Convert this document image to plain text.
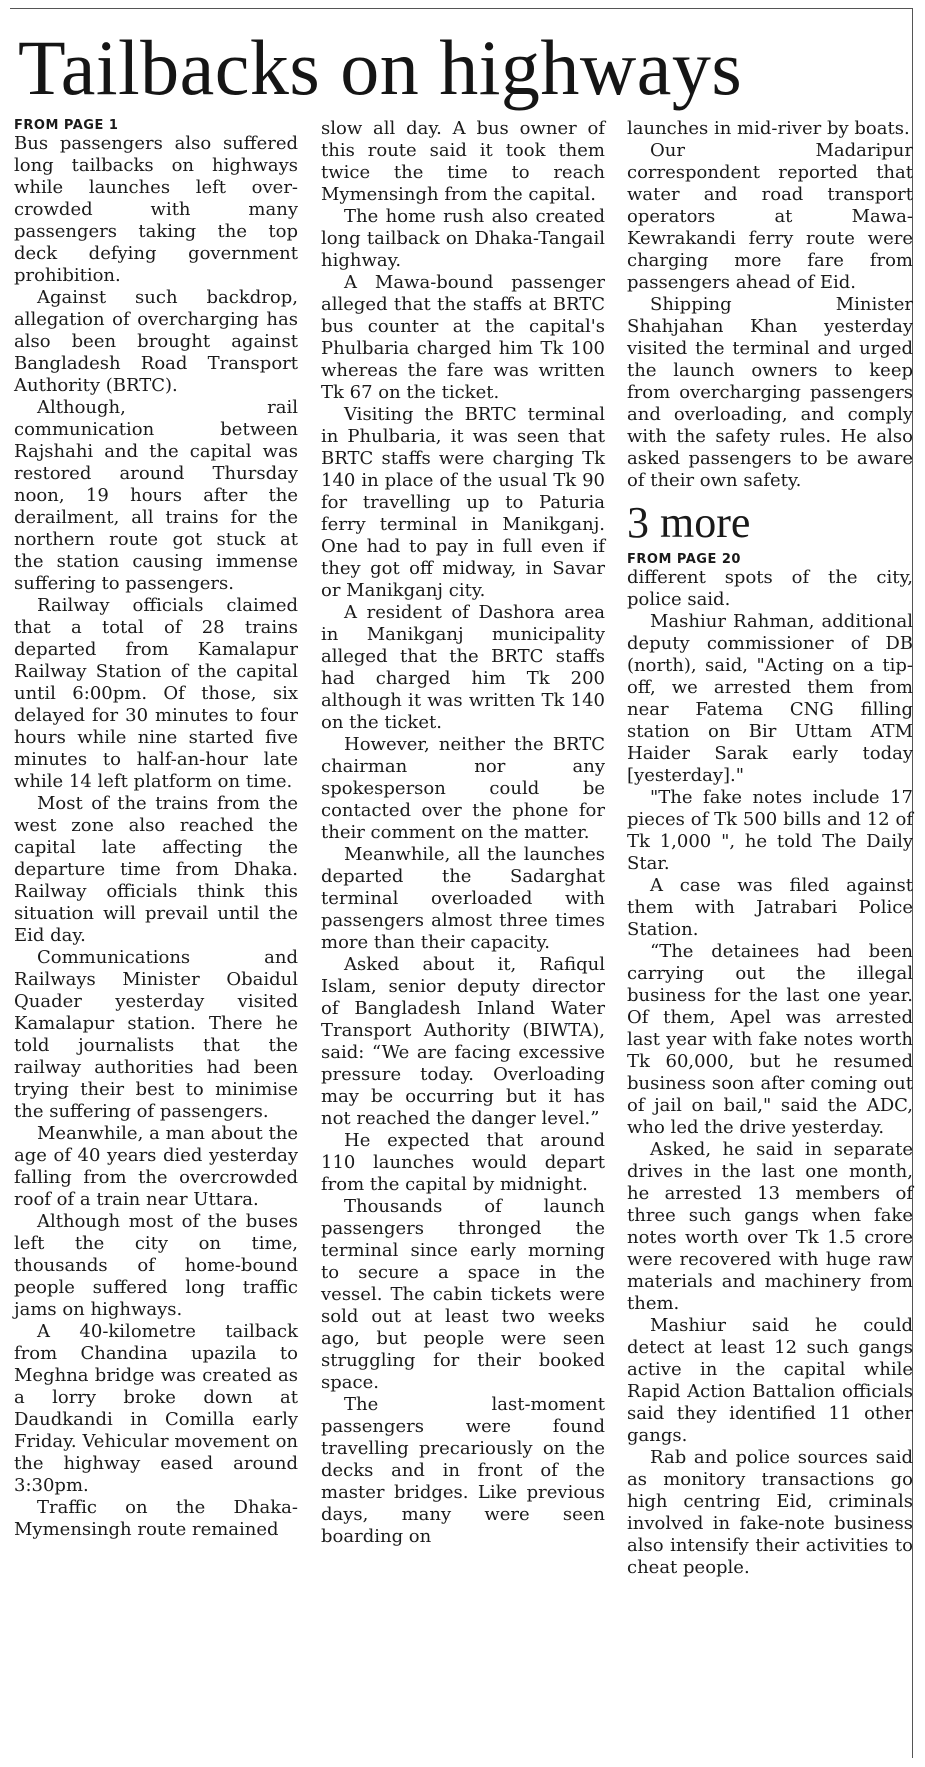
Tailbacks on highways
FROM PAGE 1

Bus passengers also suffered long tailbacks on highways while launches left over-crowded with many passengers taking the top deck defying government prohibition.

Against such backdrop, allegation of overcharging has also been brought against Bangladesh Road Transport Authority (BRTC).

Although, rail communication between Rajshahi and the capital was restored around Thursday noon, 19 hours after the derailment, all trains for the northern route got stuck at the station causing immense suffering to passengers.

Railway officials claimed that a total of 28 trains departed from Kamalapur Railway Station of the capital until 6:00pm. Of those, six delayed for 30 minutes to four hours while nine started five minutes to half-an-hour late while 14 left platform on time.

Most of the trains from the west zone also reached the capital late affecting the departure time from Dhaka. Railway officials think this situation will prevail until the Eid day.

Communications and Railways Minister Obaidul Quader yesterday visited Kamalapur station. There he told journalists that the railway authorities had been trying their best to minimise the suffering of passengers.

Meanwhile, a man about the age of 40 years died yesterday falling from the overcrowded roof of a train near Uttara.

Although most of the buses left the city on time, thousands of home-bound people suffered long traffic jams on highways.

A 40-kilometre tailback from Chandina upazila to Meghna bridge was created as a lorry broke down at Daudkandi in Comilla early Friday. Vehicular movement on the highway eased around 3:30pm.

Traffic on the Dhaka-Mymensingh route remained

slow all day. A bus owner of this route said it took them twice the time to reach Mymensingh from the capital.

The home rush also created long tailback on Dhaka-Tangail highway.

A Mawa-bound passenger alleged that the staffs at BRTC bus counter at the capital's Phulbaria charged him Tk 100 whereas the fare was written Tk 67 on the ticket.

Visiting the BRTC terminal in Phulbaria, it was seen that BRTC staffs were charging Tk 140 in place of the usual Tk 90 for travelling up to Paturia ferry terminal in Manikganj. One had to pay in full even if they got off midway, in Savar or Manikganj city.

A resident of Dashora area in Manikganj municipality alleged that the BRTC staffs had charged him Tk 200 although it was written Tk 140 on the ticket.

However, neither the BRTC chairman nor any spokesperson could be contacted over the phone for their comment on the matter.

Meanwhile, all the launches departed the Sadarghat terminal overloaded with passengers almost three times more than their capacity.

Asked about it, Rafiqul Islam, senior deputy director of Bangladesh Inland Water Transport Authority (BIWTA), said: “We are facing excessive pressure today. Overloading may be occurring but it has not reached the danger level.”

He expected that around 110 launches would depart from the capital by midnight.

Thousands of launch passengers thronged the terminal since early morning to secure a space in the vessel. The cabin tickets were sold out at least two weeks ago, but people were seen struggling for their booked space.

The last-moment passengers were found travelling precariously on the decks and in front of the master bridges. Like previous days, many were seen boarding on

launches in mid-river by boats.

Our Madaripur correspondent reported that water and road transport operators at Mawa-Kewrakandi ferry route were charging more fare from passengers ahead of Eid.

Shipping Minister Shahjahan Khan yesterday visited the terminal and urged the launch owners to keep from overcharging passengers and overloading, and comply with the safety rules. He also asked passengers to be aware of their own safety.

3 more
FROM PAGE 20

different spots of the city, police said.

Mashiur Rahman, additional deputy commissioner of DB (north), said, "Acting on a tip-off, we arrested them from near Fatema CNG filling station on Bir Uttam ATM Haider Sarak early today [yesterday]."

"The fake notes include 17 pieces of Tk 500 bills and 12 of Tk 1,000 ", he told The Daily Star.

A case was filed against them with Jatrabari Police Station.

“The detainees had been carrying out the illegal business for the last one year. Of them, Apel was arrested last year with fake notes worth Tk 60,000, but he resumed business soon after coming out of jail on bail," said the ADC, who led the drive yesterday.

Asked, he said in separate drives in the last one month, he arrested 13 members of three such gangs when fake notes worth over Tk 1.5 crore were recovered with huge raw materials and machinery from them.

Mashiur said he could detect at least 12 such gangs active in the capital while Rapid Action Battalion officials said they identified 11 other gangs.

Rab and police sources said as monitory transactions go high centring Eid, criminals involved in fake-note business also intensify their activities to cheat people.
